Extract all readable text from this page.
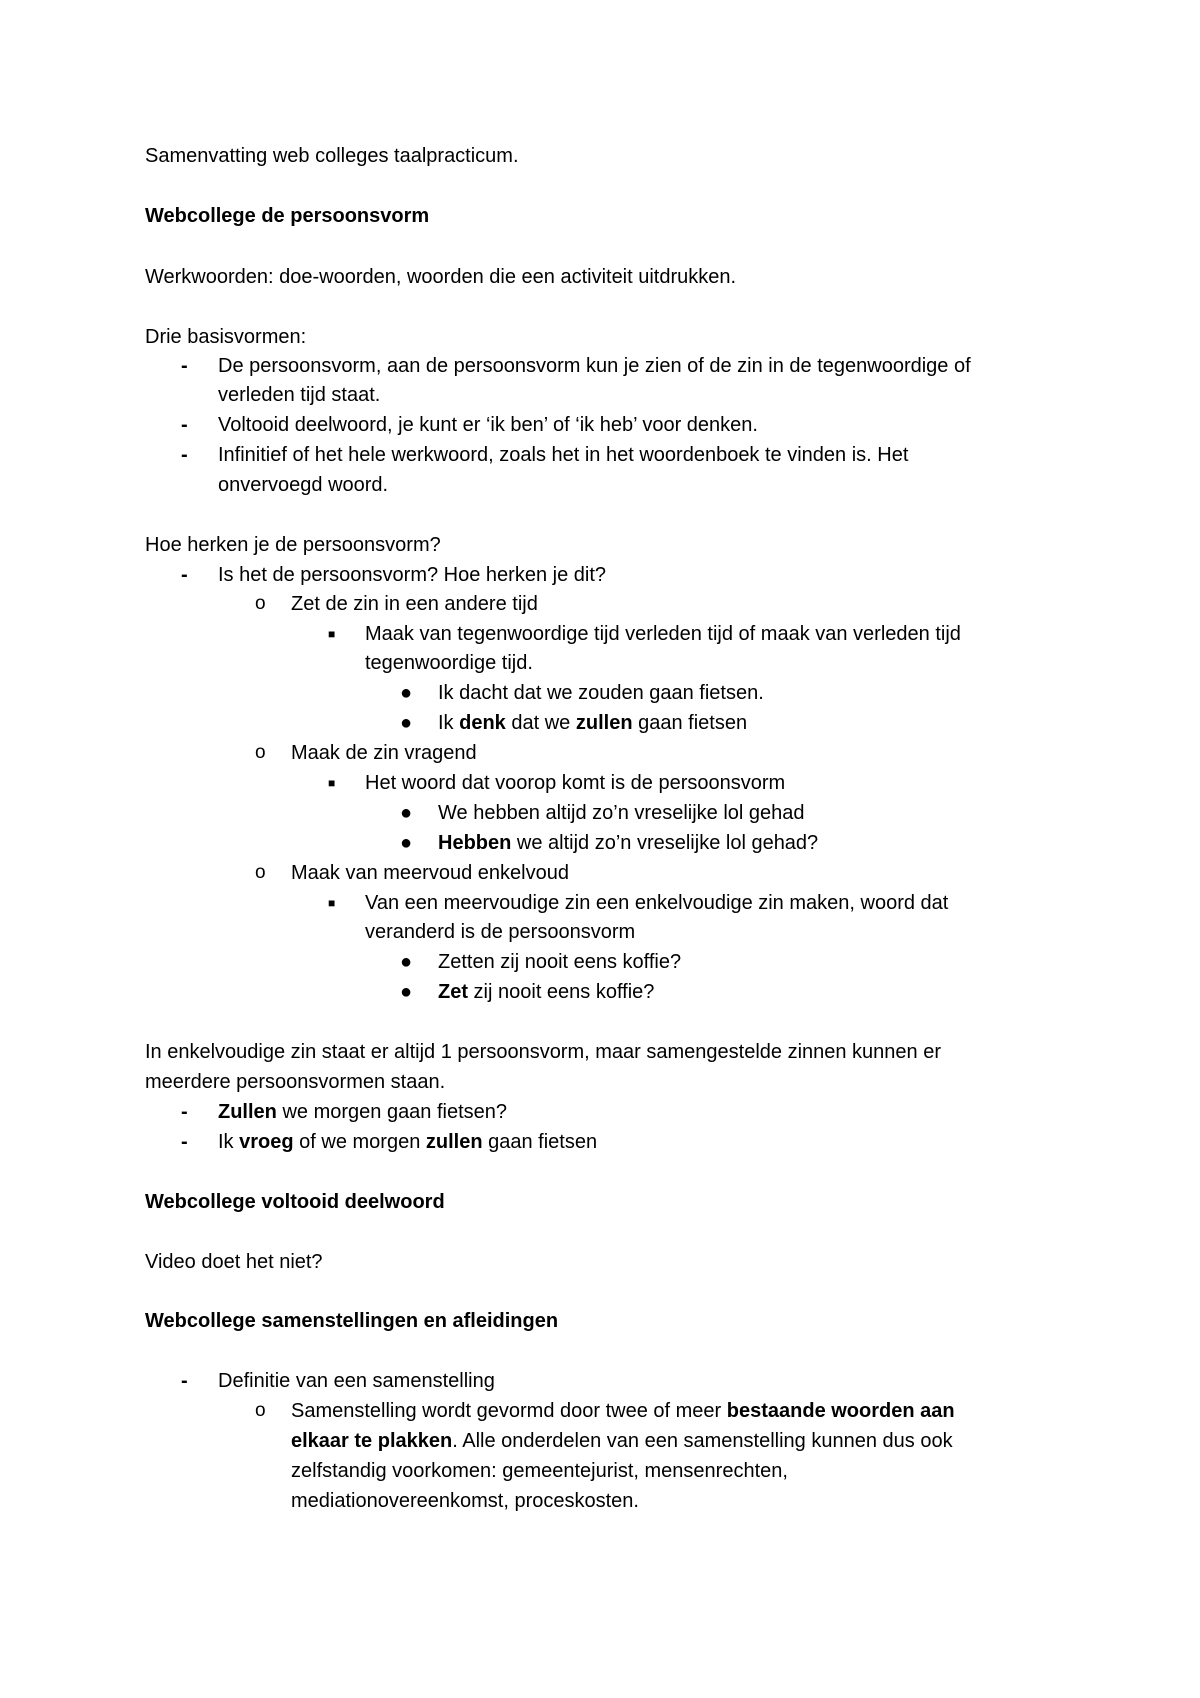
Samenvatting web colleges taalpracticum.
Webcollege de persoonsvorm
Werkwoorden: doe-woorden, woorden die een activiteit uitdrukken.
Drie basisvormen:
- De persoonsvorm, aan de persoonsvorm kun je zien of de zin in de tegenwoordige of
verleden tijd staat.
- Voltooid deelwoord, je kunt er ‘ik ben’ of ‘ik heb’ voor denken.
- Infinitief of het hele werkwoord, zoals het in het woordenboek te vinden is. Het
onvervoegd woord.
Hoe herken je de persoonsvorm?
- Is het de persoonsvorm? Hoe herken je dit?
o Zet de zin in een andere tijd
■ Maak van tegenwoordige tijd verleden tijd of maak van verleden tijd
tegenwoordige tijd.
● Ik dacht dat we zouden gaan fietsen.
● Ik denk dat we zullen gaan fietsen
o Maak de zin vragend
■ Het woord dat voorop komt is de persoonsvorm
● We hebben altijd zo’n vreselijke lol gehad
● Hebben we altijd zo’n vreselijke lol gehad?
o Maak van meervoud enkelvoud
■ Van een meervoudige zin een enkelvoudige zin maken, woord dat
veranderd is de persoonsvorm
● Zetten zij nooit eens koffie?
● Zet zij nooit eens koffie?
In enkelvoudige zin staat er altijd 1 persoonsvorm, maar samengestelde zinnen kunnen er
meerdere persoonsvormen staan.
- Zullen we morgen gaan fietsen?
- Ik vroeg of we morgen zullen gaan fietsen
Webcollege voltooid deelwoord
Video doet het niet?
Webcollege samenstellingen en afleidingen
- Definitie van een samenstelling
o Samenstelling wordt gevormd door twee of meer bestaande woorden aan
elkaar te plakken. Alle onderdelen van een samenstelling kunnen dus ook
zelfstandig voorkomen: gemeentejurist, mensenrechten,
mediationovereenkomst, proceskosten.
